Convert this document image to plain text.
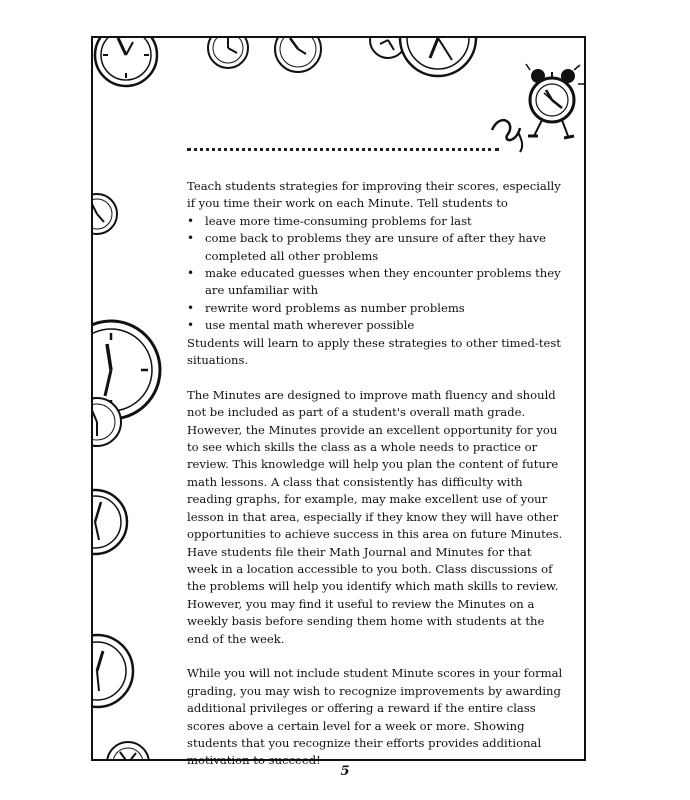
Teach students strategies for improving their scores, especially if you time their work on each Minute. Tell students to

• leave more time-consuming problems for last
• come back to problems they are unsure of after they have completed all other problems
• make educated guesses when they encounter problems they are unfamiliar with
• rewrite word problems as number problems
• use mental math wherever possible

Students will learn to apply these strategies to other timed-test situations.

The Minutes are designed to improve math fluency and should not be included as part of a student's overall math grade. However, the Minutes provide an excellent opportunity for you to see which skills the class as a whole needs to practice or review. This knowledge will help you plan the content of future math lessons. A class that consistently has difficulty with reading graphs, for example, may make excellent use of your lesson in that area, especially if they know they will have other opportunities to achieve success in this area on future Minutes. Have students file their Math Journal and Minutes for that week in a location accessible to you both. Class discussions of the problems will help you identify which math skills to review. However, you may find it useful to review the Minutes on a weekly basis before sending them home with students at the end of the week.

While you will not include student Minute scores in your formal grading, you may wish to recognize improvements by awarding additional privileges or offering a reward if the entire class scores above a certain level for a week or more. Showing students that you recognize their efforts provides additional motivation to succeed!

5
